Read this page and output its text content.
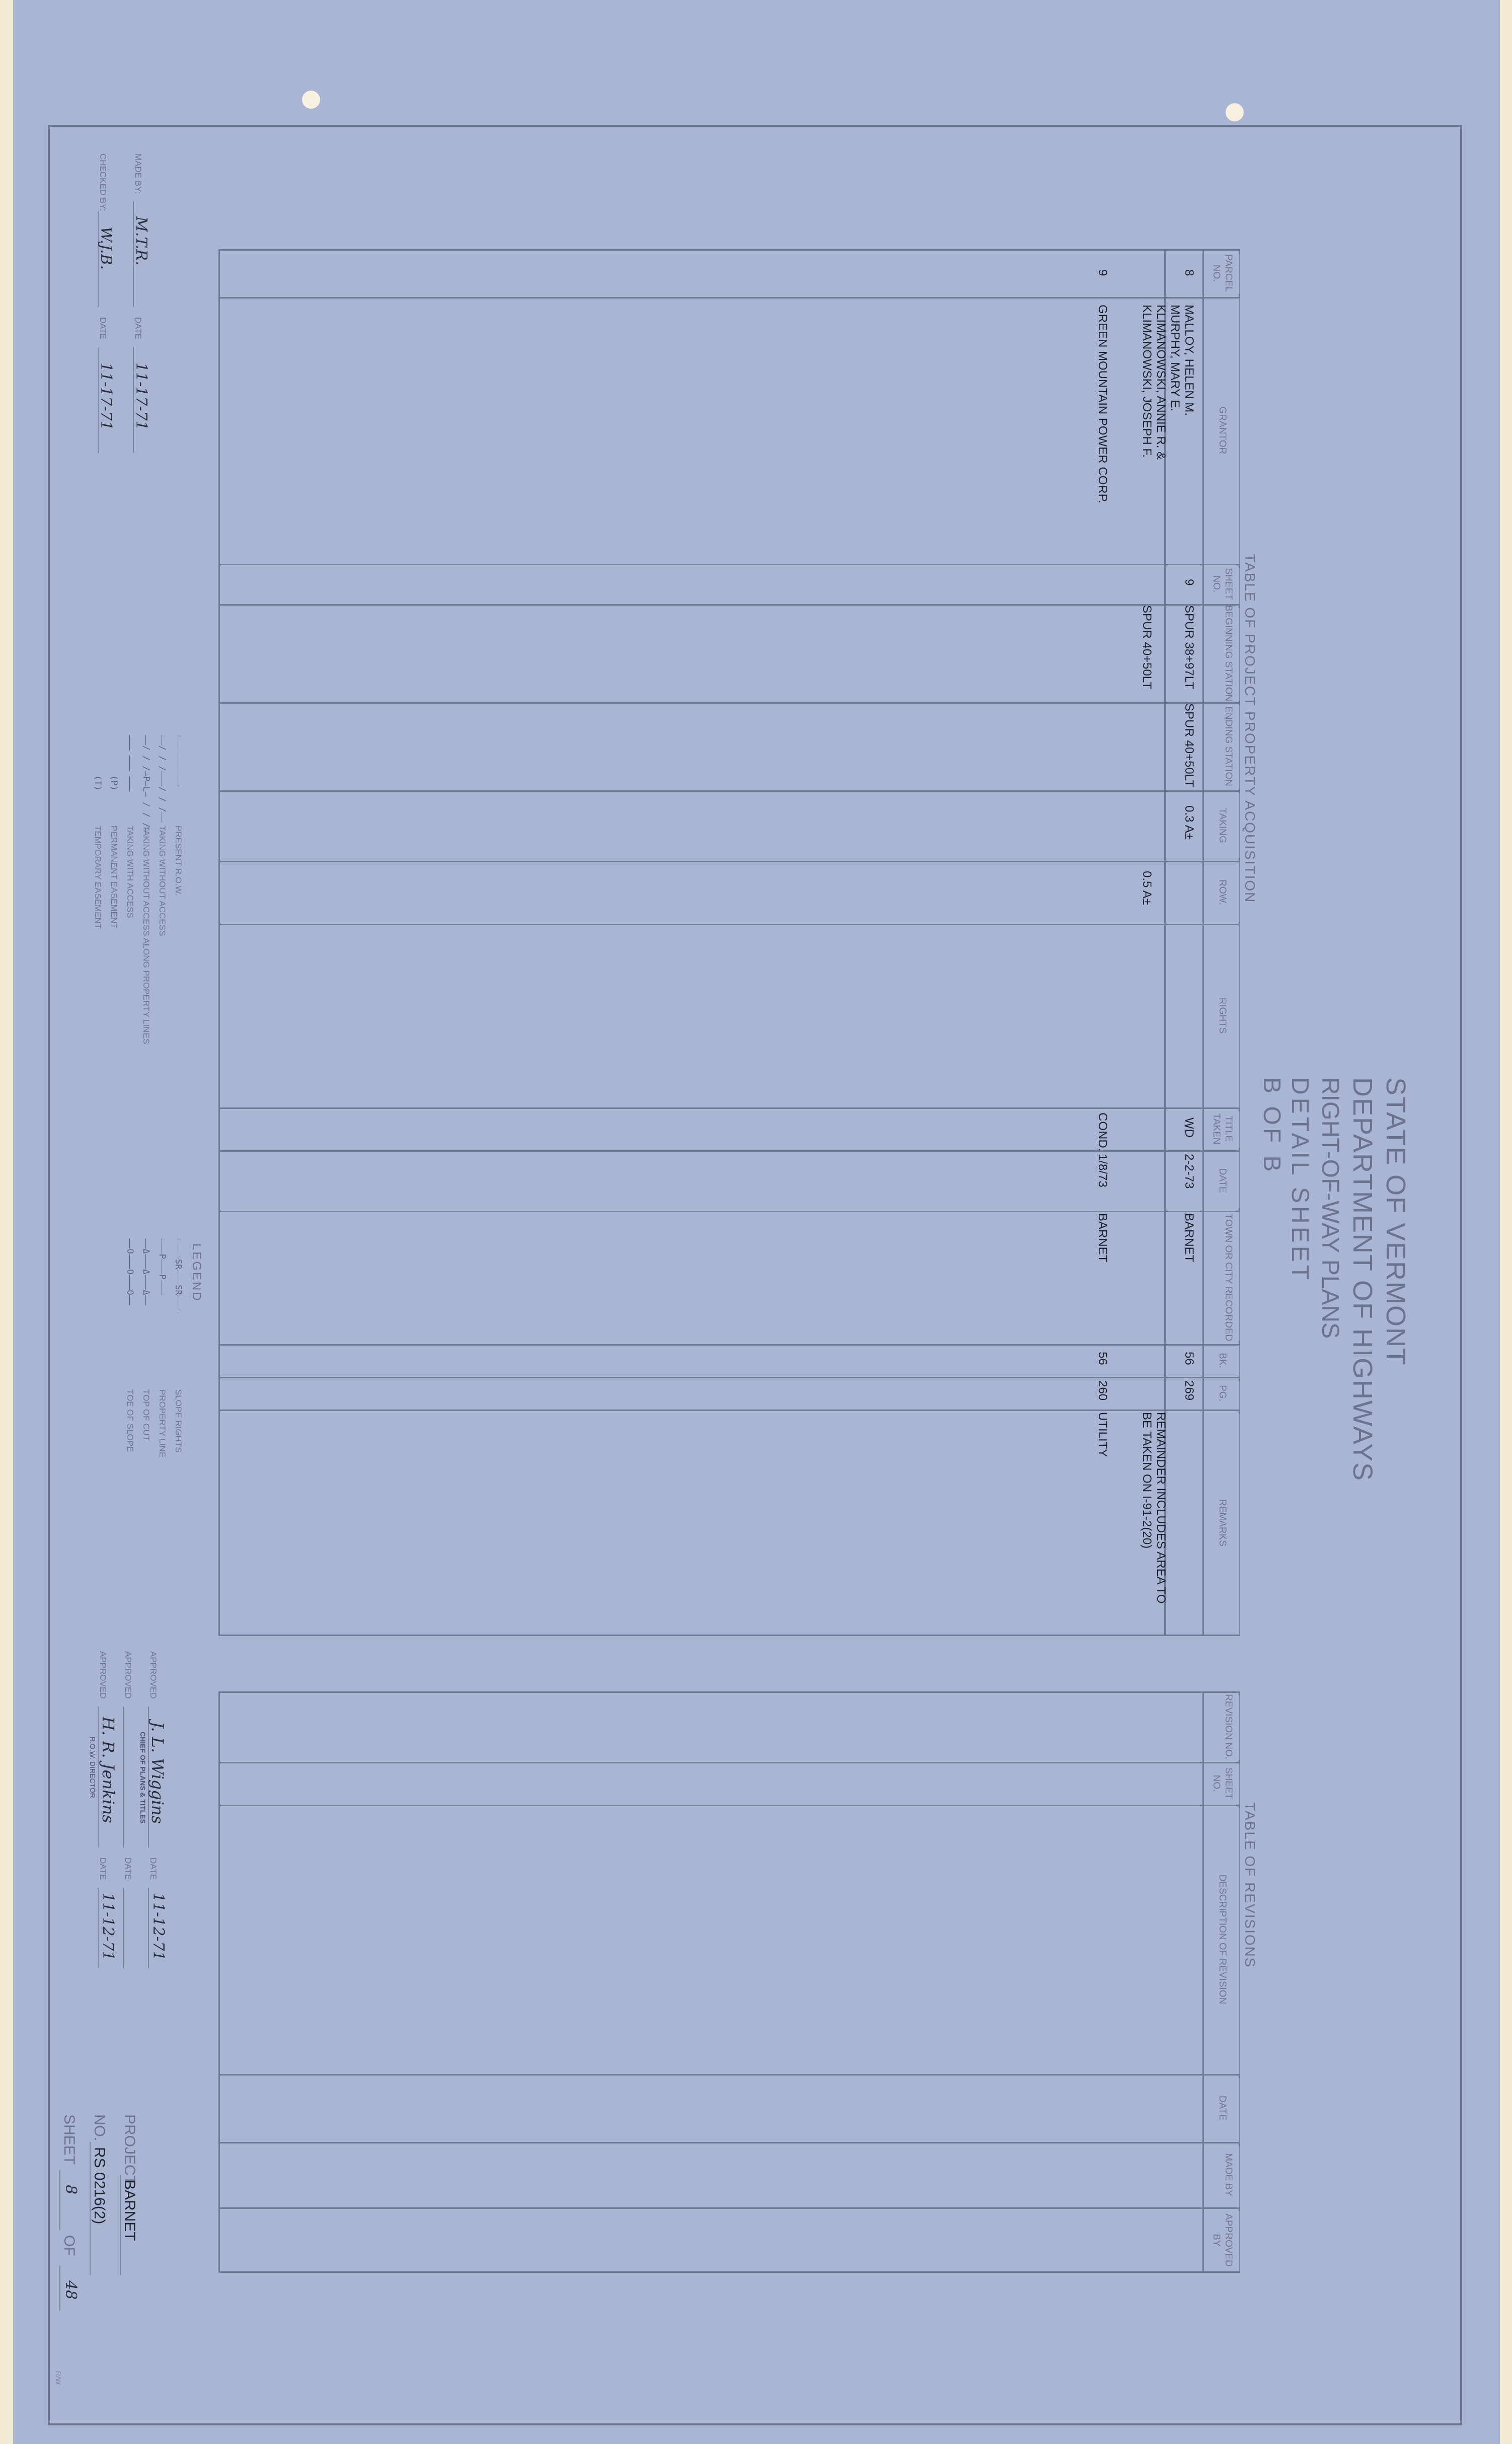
STATE OF VERMONT
DEPARTMENT OF HIGHWAYS
RIGHT-OF-WAY PLANS
DETAIL SHEET
B OF B
TABLE OF PROJECT PROPERTY ACQUISITION
PARCEL NO.
GRANTOR
SHEET NO.
BEGINNING STATION
ENDING STATION
TAKING
ROW.
RIGHTS
TITLE TAKEN
DATE
TOWN OR CITY RECORDED
BK.
PG.
REMARKS
8
MALLOY, HELEN M.
MURPHY, MARY E.
KLIMANOWSKI, ANNIE R. &
KLIMANOWSKI, JOSEPH F.
9
SPUR 38+97LT
SPUR 40+50LT
SPUR 40+50LT
0.3 A±
0.5 A±
WD
2-2-73
BARNET
56
269
REMAINDER INCLUDES AREA TO
BE TAKEN ON I-91-2(20)
9
GREEN MOUNTAIN POWER CORP.
COND.
1/8/73
BARNET
56
260
UTILITY
TABLE OF REVISIONS
REVISION NO.
SHEET NO.
DESCRIPTION OF REVISION
DATE
MADE BY
APPROVED BY
LEGEND
——————————
PRESENT R.O.W.
——/ / /———/ / /——
TAKING WITHOUT ACCESS
——/ / /—P—L— / / /—
TAKING WITHOUT ACCESS ALONG PROPERTY LINES
——— ——— ———
TAKING WITH ACCESS
(P)
PERMANENT EASEMENT
(T)
TEMPORARY EASEMENT
————SR———SR———
SLOPE RIGHTS
———P———P———
PROPERTY LINE
——Δ———Δ———Δ——
TOP OF CUT
——O———O———O——
TOE OF SLOPE
MADE BY:
M.T.R.
DATE
11-17-71
CHECKED BY:
W.J.B.
DATE
11-17-71
APPROVED
J. L. Wiggins
CHIEF OF PLANS & TITLES
DATE
11-12-71
APPROVED
DATE
APPROVED
H. R. Jenkins
R.O.W. DIRECTOR
DATE
11-12-71
PROJECT
BARNET
NO.
RS 0216(2)
SHEET
8
OF
48
R/W
